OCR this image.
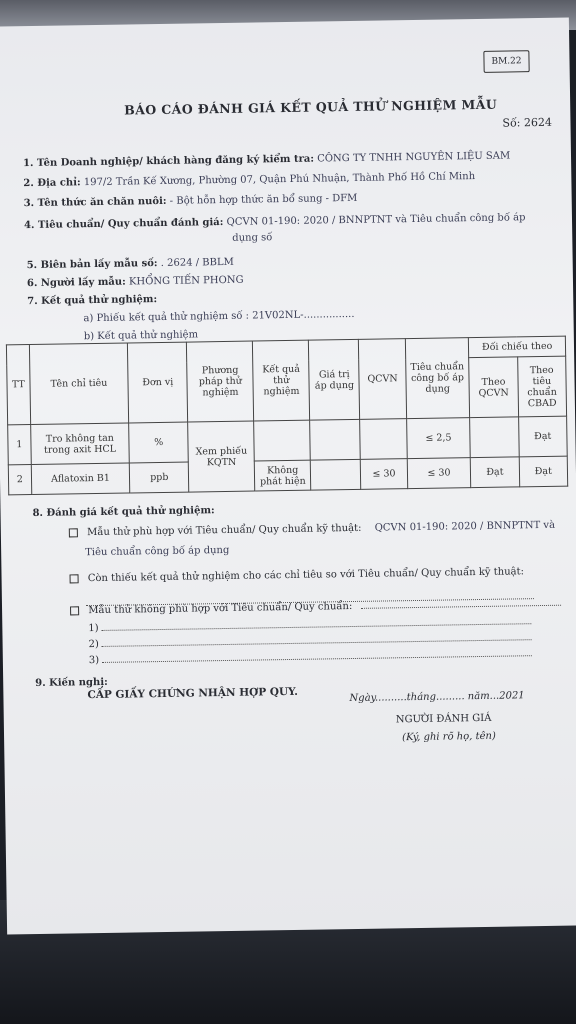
BM.22
BÁO CÁO ĐÁNH GIÁ KẾT QUẢ THỬ NGHIỆM MẪU
Số: 2624
1. Tên Doanh nghiệp/ khách hàng đăng ký kiểm tra: CÔNG TY TNHH NGUYÊN LIỆU SAM
2. Địa chỉ: 197/2 Trần Kế Xương, Phường 07, Quận Phú Nhuận, Thành Phố Hồ Chí Minh
3. Tên thức ăn chăn nuôi: - Bột hỗn hợp thức ăn bổ sung - DFM
4. Tiêu chuẩn/ Quy chuẩn đánh giá: QCVN 01-190: 2020 / BNNPTNT và Tiêu chuẩn công bố áp
dụng số
5. Biên bản lấy mẫu số: . 2624 / BBLM
6. Người lấy mẫu: KHỔNG TIẾN PHONG
7. Kết quả thử nghiệm:
a) Phiếu kết quả thử nghiệm số : 21V02NL-................
b) Kết quả thử nghiệm
TT	Tên chỉ tiêu	Đơn vị	Phương pháp thử nghiệm	Kết quả thử nghiệm	Giá trị áp dụng	QCVN	Tiêu chuẩn công bố áp dụng	Đối chiếu theo	
								Theo QCVN	Theo tiêu chuẩn CBAD
1	Tro không tan trong axit HCL	%	Xem phiếu KQTN				≤ 2,5		Đạt
2	Aflatoxin B1	ppb		Không phát hiện		≤ 30	≤ 30	Đạt	Đạt
8. Đánh giá kết quả thử nghiệm:
Mẫu thử phù hợp với Tiêu chuẩn/ Quy chuẩn kỹ thuật: QCVN 01-190: 2020 / BNNPTNT và
Tiêu chuẩn công bố áp dụng
Còn thiếu kết quả thử nghiệm cho các chỉ tiêu so với Tiêu chuẩn/ Quy chuẩn kỹ thuật:
Mẫu thử không phù hợp với Tiêu chuẩn/ Quy chuẩn:
1)
2)
3)
9. Kiến nghị:
CẤP GIẤY CHỨNG NHẬN HỢP QUY.	Ngày..........tháng......... năm...2021
NGƯỜI ĐÁNH GIÁ
(Ký, ghi rõ họ, tên)
